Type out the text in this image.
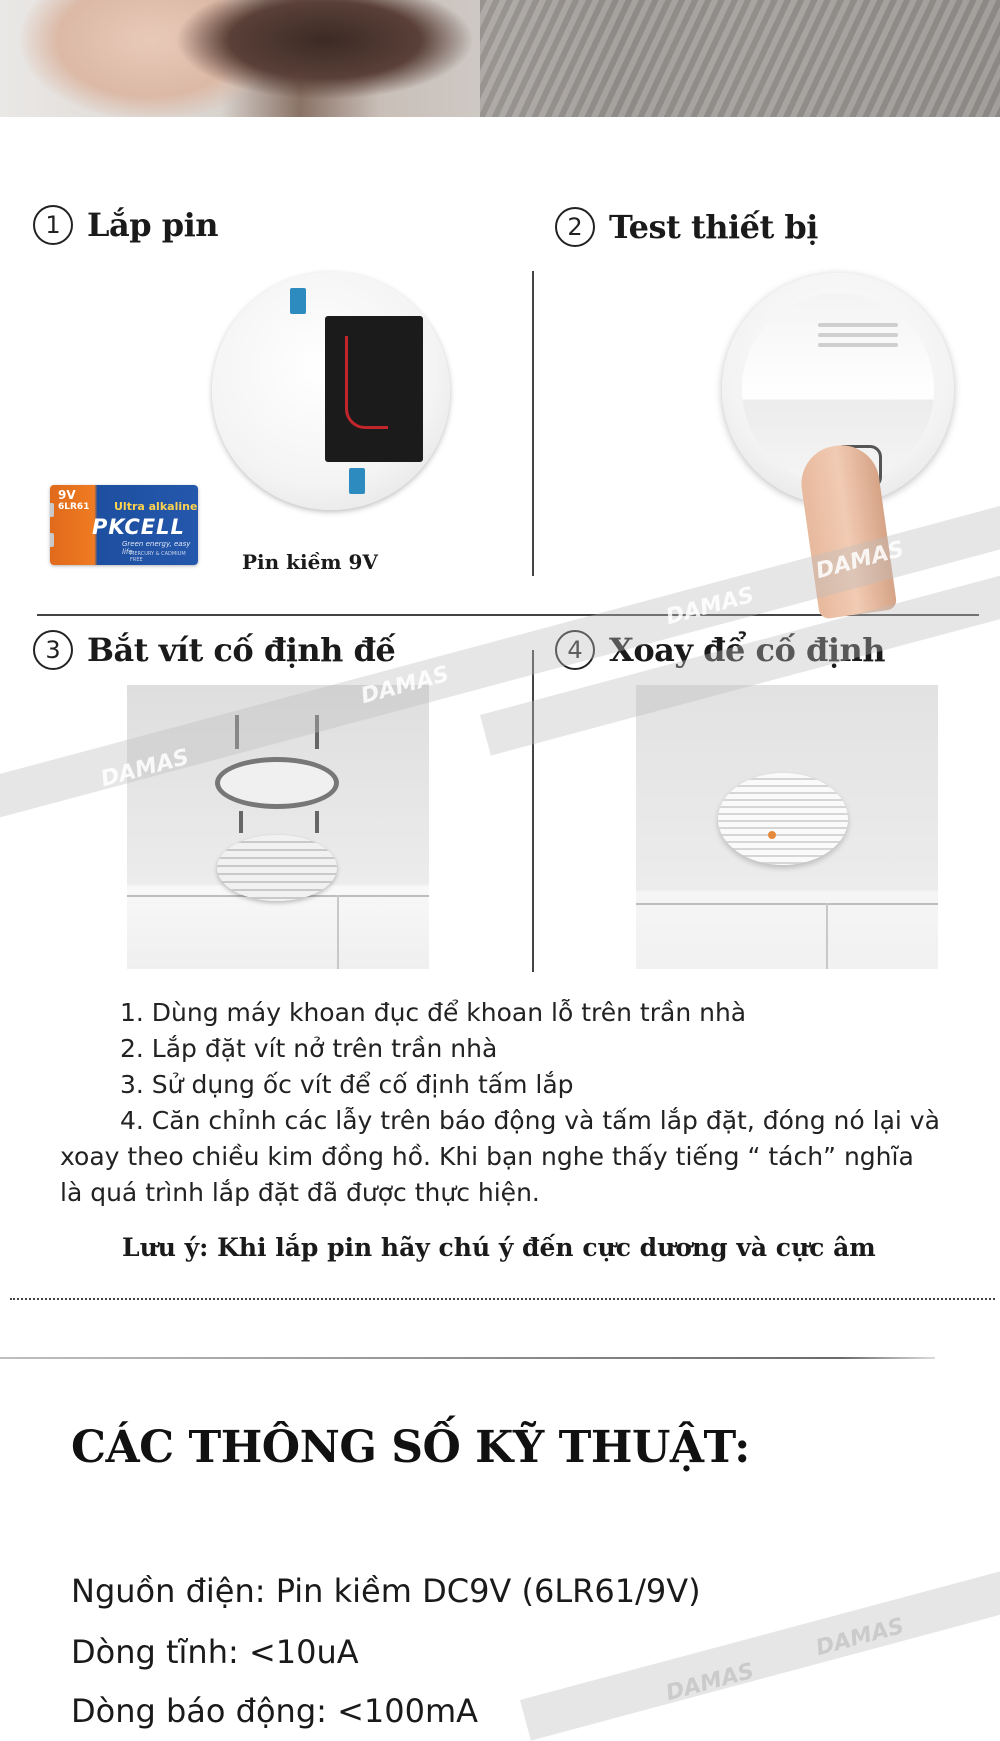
1 Lắp pin	2 Test thiết bị
3 Bắt vít cố định đế	4 Xoay để cố định
9V
6LR61 Ultra alkaline
PKCELL
Green energy, easy life
MERCURY & CADMIUM FREE	Pin kiềm 9V
DAMAS
DAMAS
DAMAS
DAMAS
DAMAS
DAMAS

1. Dùng máy khoan đục để khoan lỗ trên trần nhà

2. Lắp đặt vít nở trên trần nhà

3. Sử dụng ốc vít để cố định tấm lắp

4. Căn chỉnh các lẫy trên báo động và tấm lắp đặt, đóng nó lại và xoay theo chiều kim đồng hồ. Khi bạn nghe thấy tiếng “ tách” nghĩa là quá trình lắp đặt đã được thực hiện.

Lưu ý: Khi lắp pin hãy chú ý đến cực dương và cực âm
CÁC THÔNG SỐ KỸ THUẬT:
Nguồn điện: Pin kiềm DC9V (6LR61/9V)
Dòng tĩnh: <10uA
Dòng báo động: <100mA
